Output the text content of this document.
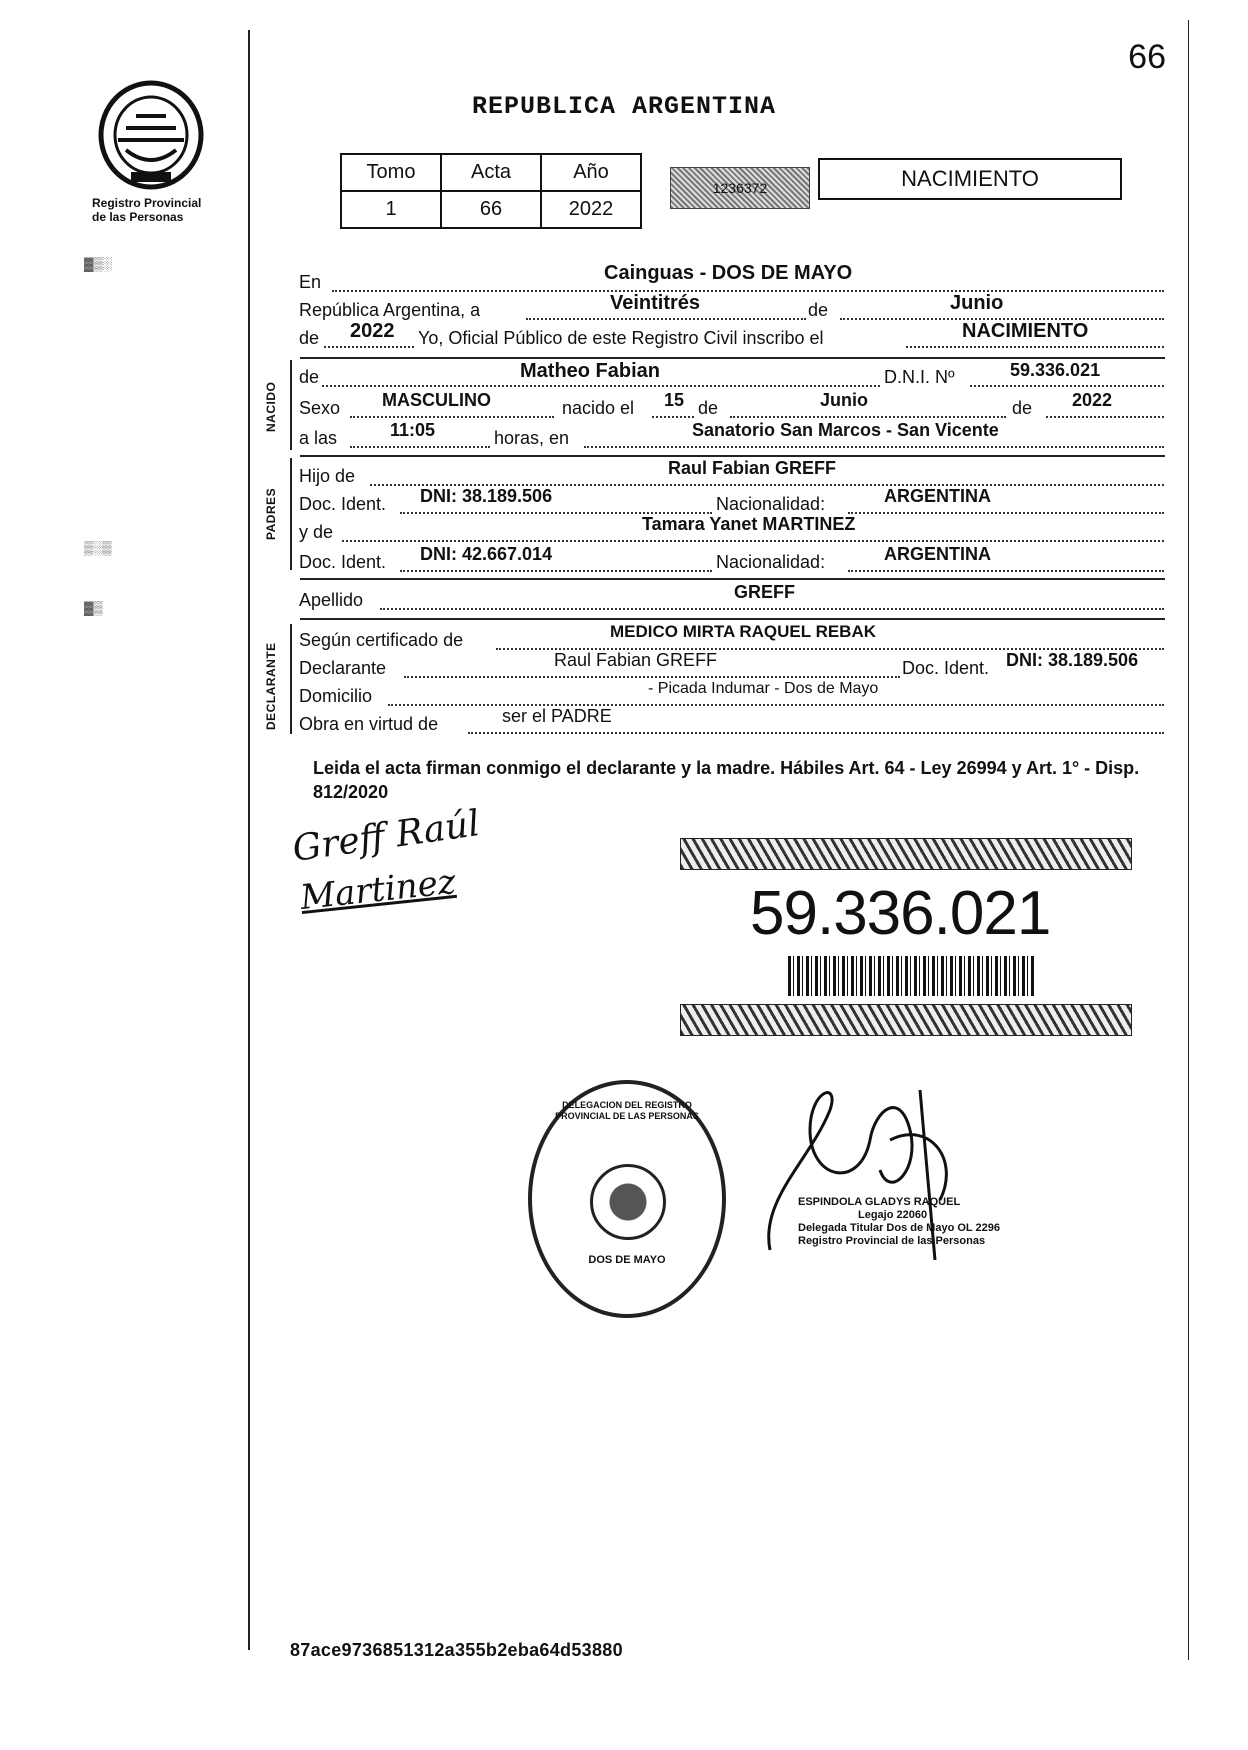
66
REPUBLICA ARGENTINA
Registro Provincial
de las Personas
▓▒░
▒░▒
▓▒
Tomo	Acta	Año
1	66	2022
1236372	NACIMIENTO
En	Cainguas - DOS DE MAYO
República Argentina, a	Veintitrés	de	Junio
de 2022 Yo, Oficial Público de este Registro Civil inscribo el	NACIMIENTO
NACIDO
de	Matheo Fabian	D.N.I. Nº	59.336.021
Sexo MASCULINO	nacido el 15 de	Junio	de 2022
a las	11:05	horas, en	Sanatorio San Marcos - San Vicente
PADRES
Hijo de	Raul Fabian GREFF
Doc. Ident. DNI: 38.189.506	Nacionalidad:	ARGENTINA
y de	Tamara Yanet MARTINEZ
Doc. Ident. DNI: 42.667.014	Nacionalidad:	ARGENTINA
Apellido	GREFF
DECLARANTE
Según certificado de	MEDICO MIRTA RAQUEL REBAK
Declarante	Raul Fabian GREFF	Doc. Ident. DNI: 38.189.506
Domicilio	- Picada Indumar - Dos de Mayo
Obra en virtud de	ser el PADRE
Leida el acta firman conmigo el declarante y la madre. Hábiles Art. 64 - Ley 26994 y Art. 1° - Disp. 812/2020
Greff Raúl
Martinez	59.336.021
DELEGACION DEL REGISTRO PROVINCIAL DE LAS PERSONAS
DOS DE MAYO
ESPINDOLA GLADYS RAQUEL
Legajo 22060
Delegada Titular Dos de Mayo OL 2296
Registro Provincial de las Personas
87ace9736851312a355b2eba64d53880
